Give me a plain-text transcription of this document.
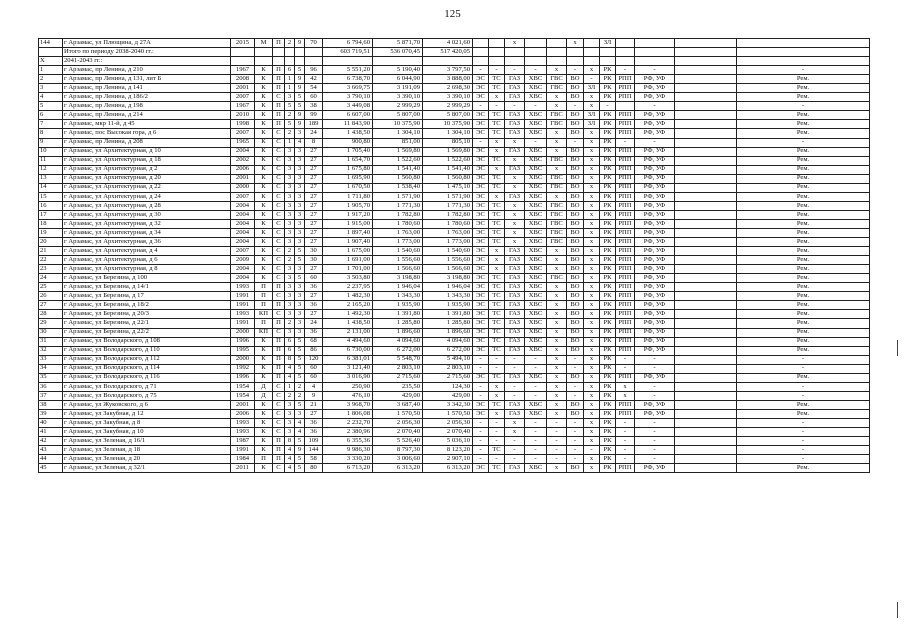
125
144	г Арзамас, ул Плющина, д 27А	2015	М	П	2	9	70	6 794,60	5 871,70	4 021,60			х			х		ЗЛ				
	Итого по периоду 2038-2040 гг.:							603 719,51	536 070,45	517 420,05												
Х	2041-2043 гг.:																					
1	г Арзамас, пр Ленина, д 210	1967	К	П	6	5	96	5 551,20	5 190,40	3 797,50	-	-	-	-	х	-	х	РК	-	-		-
2	г Арзамас, пр Ленина, д 131, лит Б	2008	К	П	1	9	42	6 738,70	6 044,90	3 888,00	ЭС	ТС	ГАЗ	ХВС	ГВС	ВО	-	РК	РПП	РФ, УФ		Рем.
3	г Арзамас, пр Ленина, д 141	2001	К	П	1	9	54	3 669,75	3 191,09	2 698,30	ЭС	ТС	ГАЗ	ХВС	ГВС	ВО	ЗЛ	РК	РПП	РФ, УФ		Рем.
4	г Арзамас, пр Ленина, д 186/2	2007	К	С	3	5	60	3 790,10	3 390,10	3 390,10	ЭС	х	ГАЗ	ХВС	х	ВО	х	РК	РПП	РФ, УФ		Рем.
5	г Арзамас, пр Ленина, д 198	1967	К	П	5	5	38	3 449,08	2 999,29	2 999,29	-	-	-	-	х	-	х	-		-		-
6	г Арзамас, пр Ленина, д 214	2010	К	П	2	9	99	6 607,00	5 807,00	5 807,00	ЭС	ТС	ГАЗ	ХВС	ГВС	ВО	ЗЛ	РК	РПП	РФ, УФ		Рем.
7	г Арзамас, мкр 11-й, д 45	1998	К	П	5	9	189	11 843,90	10 375,90	10 375,90	ЭС	ТС	ГАЗ	ХВС	ГВС	ВО	ЗЛ	РК	РПП	РФ, УФ		Рем.
8	г Арзамас, пос Высокая гора, д 6	2007	К	С	2	3	24	1 438,50	1 304,10	1 304,10	ЭС	ТС	ГАЗ	ХВС	х	ВО	х	РК	РПП	РФ, УФ		Рем.
9	г Арзамас, пр Ленина, д 208	1965	К	С	1	4	8	900,80	851,00	805,10	-	х	х	-	х	-	х	РК	-	-		-
10	г Арзамас, ул Архитектурная, д 10	2004	К	С	3	3	27	1 705,40	1 569,80	1 569,80	ЭС	х	ГАЗ	ХВС	х	ВО	х	РК	РПП	РФ, УФ		Рем.
11	г Арзамас, ул Архитектурная, д 18	2002	К	С	3	3	27	1 654,70	1 522,60	1 522,60	ЭС	ТС	х	ХВС	ГВС	ВО	х	РК	РПП	РФ, УФ		Рем.
12	г Арзамас, ул Архитектурная, д 2	2006	К	С	3	3	27	1 675,80	1 541,40	1 541,40	ЭС	х	ГАЗ	ХВС	х	ВО	х	РК	РПП	РФ, УФ		Рем.
13	г Арзамас, ул Архитектурная, д 20	2001	К	С	3	3	27	1 695,90	1 560,80	1 560,80	ЭС	ТС	х	ХВС	ГВС	ВО	х	РК	РПП	РФ, УФ		Рем.
14	г Арзамас, ул Архитектурная, д 22	2000	К	С	3	3	27	1 670,50	1 538,40	1 475,10	ЭС	ТС	х	ХВС	ГВС	ВО	х	РК	РПП	РФ, УФ		Рем.
15	г Арзамас, ул Архитектурная, д 24	2007	К	С	3	3	27	1 711,80	1 571,90	1 571,90	ЭС	х	ГАЗ	ХВС	х	ВО	х	РК	РПП	РФ, УФ		Рем.
16	г Арзамас, ул Архитектурная, д 28	2004	К	С	3	3	27	1 905,70	1 771,30	1 771,30	ЭС	ТС	х	ХВС	ГВС	ВО	х	РК	РПП	РФ, УФ		Рем.
17	г Арзамас, ул Архитектурная, д 30	2004	К	С	3	3	27	1 917,20	1 782,80	1 782,80	ЭС	ТС	х	ХВС	ГВС	ВО	х	РК	РПП	РФ, УФ		Рем.
18	г Арзамас, ул Архитектурная, д 32	2004	К	С	3	3	27	1 915,00	1 780,60	1 780,60	ЭС	ТС	х	ХВС	ГВС	ВО	х	РК	РПП	РФ, УФ		Рем.
19	г Арзамас, ул Архитектурная, д 34	2004	К	С	3	3	27	1 897,40	1 763,00	1 763,00	ЭС	ТС	х	ХВС	ГВС	ВО	х	РК	РПП	РФ, УФ		Рем.
20	г Арзамас, ул Архитектурная, д 36	2004	К	С	3	3	27	1 907,40	1 773,00	1 773,00	ЭС	ТС	х	ХВС	ГВС	ВО	х	РК	РПП	РФ, УФ		Рем.
21	г Арзамас, ул Архитектурная, д 4	2007	К	С	2	5	30	1 675,00	1 540,60	1 540,60	ЭС	х	ГАЗ	ХВС	х	ВО	х	РК	РПП	РФ, УФ		Рем.
22	г Арзамас, ул Архитектурная, д 6	2009	К	С	2	5	30	1 691,00	1 556,60	1 556,60	ЭС	х	ГАЗ	ХВС	х	ВО	х	РК	РПП	РФ, УФ		Рем.
23	г Арзамас, ул Архитектурная, д 8	2004	К	С	3	3	27	1 701,00	1 566,60	1 566,60	ЭС	х	ГАЗ	ХВС	х	ВО	х	РК	РПП	РФ, УФ		Рем.
24	г Арзамас, ул Березина, д 100	2004	К	С	3	5	60	3 503,80	3 198,80	3 198,80	ЭС	ТС	ГАЗ	ХВС	ГВС	ВО	х	РК	РПП	РФ, УФ		Рем.
25	г Арзамас, ул Березина, д 14/1	1993	П	П	3	3	36	2 237,95	1 946,04	1 946,04	ЭС	ТС	ГАЗ	ХВС	х	ВО	х	РК	РПП	РФ, УФ		Рем.
26	г Арзамас, ул Березина, д 17	1991	П	С	3	3	27	1 482,30	1 343,30	1 343,30	ЭС	ТС	ГАЗ	ХВС	х	ВО	х	РК	РПП	РФ, УФ		Рем.
27	г Арзамас, ул Березина, д 18/2	1991	П	П	3	3	36	2 165,20	1 935,90	1 935,90	ЭС	ТС	ГАЗ	ХВС	х	ВО	х	РК	РПП	РФ, УФ		Рем.
28	г Арзамас, ул Березина, д 20/3	1993	КП	С	3	3	27	1 492,30	1 391,80	1 391,80	ЭС	ТС	ГАЗ	ХВС	х	ВО	х	РК	РПП	РФ, УФ		Рем.
29	г Арзамас, ул Березина, д 22/1	1991	П	П	2	3	24	1 438,50	1 285,80	1 285,80	ЭС	ТС	ГАЗ	ХВС	х	ВО	х	РК	РПП	РФ, УФ		Рем.
30	г Арзамас, ул Березина, д 22/2	2000	КП	С	3	3	36	2 131,00	1 896,60	1 896,60	ЭС	ТС	ГАЗ	ХВС	х	ВО	х	РК	РПП	РФ, УФ		Рем.
31	г Арзамас, ул Володарского, д 108	1996	К	П	6	5	68	4 494,60	4 094,60	4 094,60	ЭС	ТС	ГАЗ	ХВС	х	ВО	х	РК	РПП	РФ, УФ		Рем.
32	г Арзамас, ул Володарского, д 110	1995	К	П	6	5	86	6 730,00	6 272,00	6 272,00	ЭС	ТС	ГАЗ	ХВС	х	ВО	х	РК	РПП	РФ, УФ		Рем.
33	г Арзамас, ул Володарского, д 112	2000	К	П	8	5	120	6 381,01	5 548,70	5 494,10	-	-	-	-	х	-	х	РК	-	-		-
34	г Арзамас, ул Володарского, д 114	1992	К	П	4	5	60	3 121,40	2 803,10	2 803,10	-	-	-	-	х	-	х	РК	-	-		-
35	г Арзамас, ул Володарского, д 116	1996	К	П	4	5	60	3 016,90	2 715,60	2 715,60	ЭС	ТС	ГАЗ	ХВС	х	ВО	х	РК	РПП	РФ, УФ		Рем.
36	г Арзамас, ул Володарского, д 71	1954	Д	С	1	2	4	250,90	235,50	124,30	-	х	-	-	х	-	х	РК	х	-		-
37	г Арзамас, ул Володарского, д 75	1954	Д	С	2	2	9	476,10	429,00	429,00	-	х	-	-	х	-	х	РК	х	-		-
38	г Арзамас, ул Жуковского, д 6	2001	К	С	3	5	21	3 968,70	3 687,40	3 342,30	ЭС	ТС	ГАЗ	ХВС	х	ВО	х	РК	РПП	РФ, УФ		Рем.
39	г Арзамас, ул Закубная, д 12	2006	К	С	3	3	27	1 806,08	1 570,50	1 570,50	ЭС	х	ГАЗ	ХВС	х	ВО	х	РК	РПП	РФ, УФ		Рем.
40	г Арзамас, ул Закубная, д 8	1993	К	С	3	4	36	2 232,70	2 056,30	2 056,30	-	-	х	-	-	-	х	РК	-	-		-
41	г Арзамас, ул Закубная, д 10	1993	К	С	3	4	36	2 380,96	2 070,40	2 070,40	-	-	х	-	-	-	х	РК	-	-		-
42	г Арзамас, ул Зеленая, д 16/1	1987	К	П	8	5	109	6 355,36	5 526,40	5 036,10	-	-	-	-	-	-	х	РК	-	-		-
43	г Арзамас, ул Зеленая, д 18	1991	К	П	4	9	144	9 986,30	8 797,30	8 123,20	-	ТС	-	-	-	-	-	РК	-	-		-
44	г Арзамас, ул Зеленая, д 20	1984	П	П	4	5	58	3 330,20	3 006,60	2 907,10	-	-	-	-	-	-	х	РК	-	-		-
45	г Арзамас, ул Зеленая, д 32/1	2011	К	С	4	5	80	6 713,20	6 313,20	6 313,20	ЭС	ТС	ГАЗ	ХВС	х	ВО	х	РК	РПП	РФ, УФ		Рем.
